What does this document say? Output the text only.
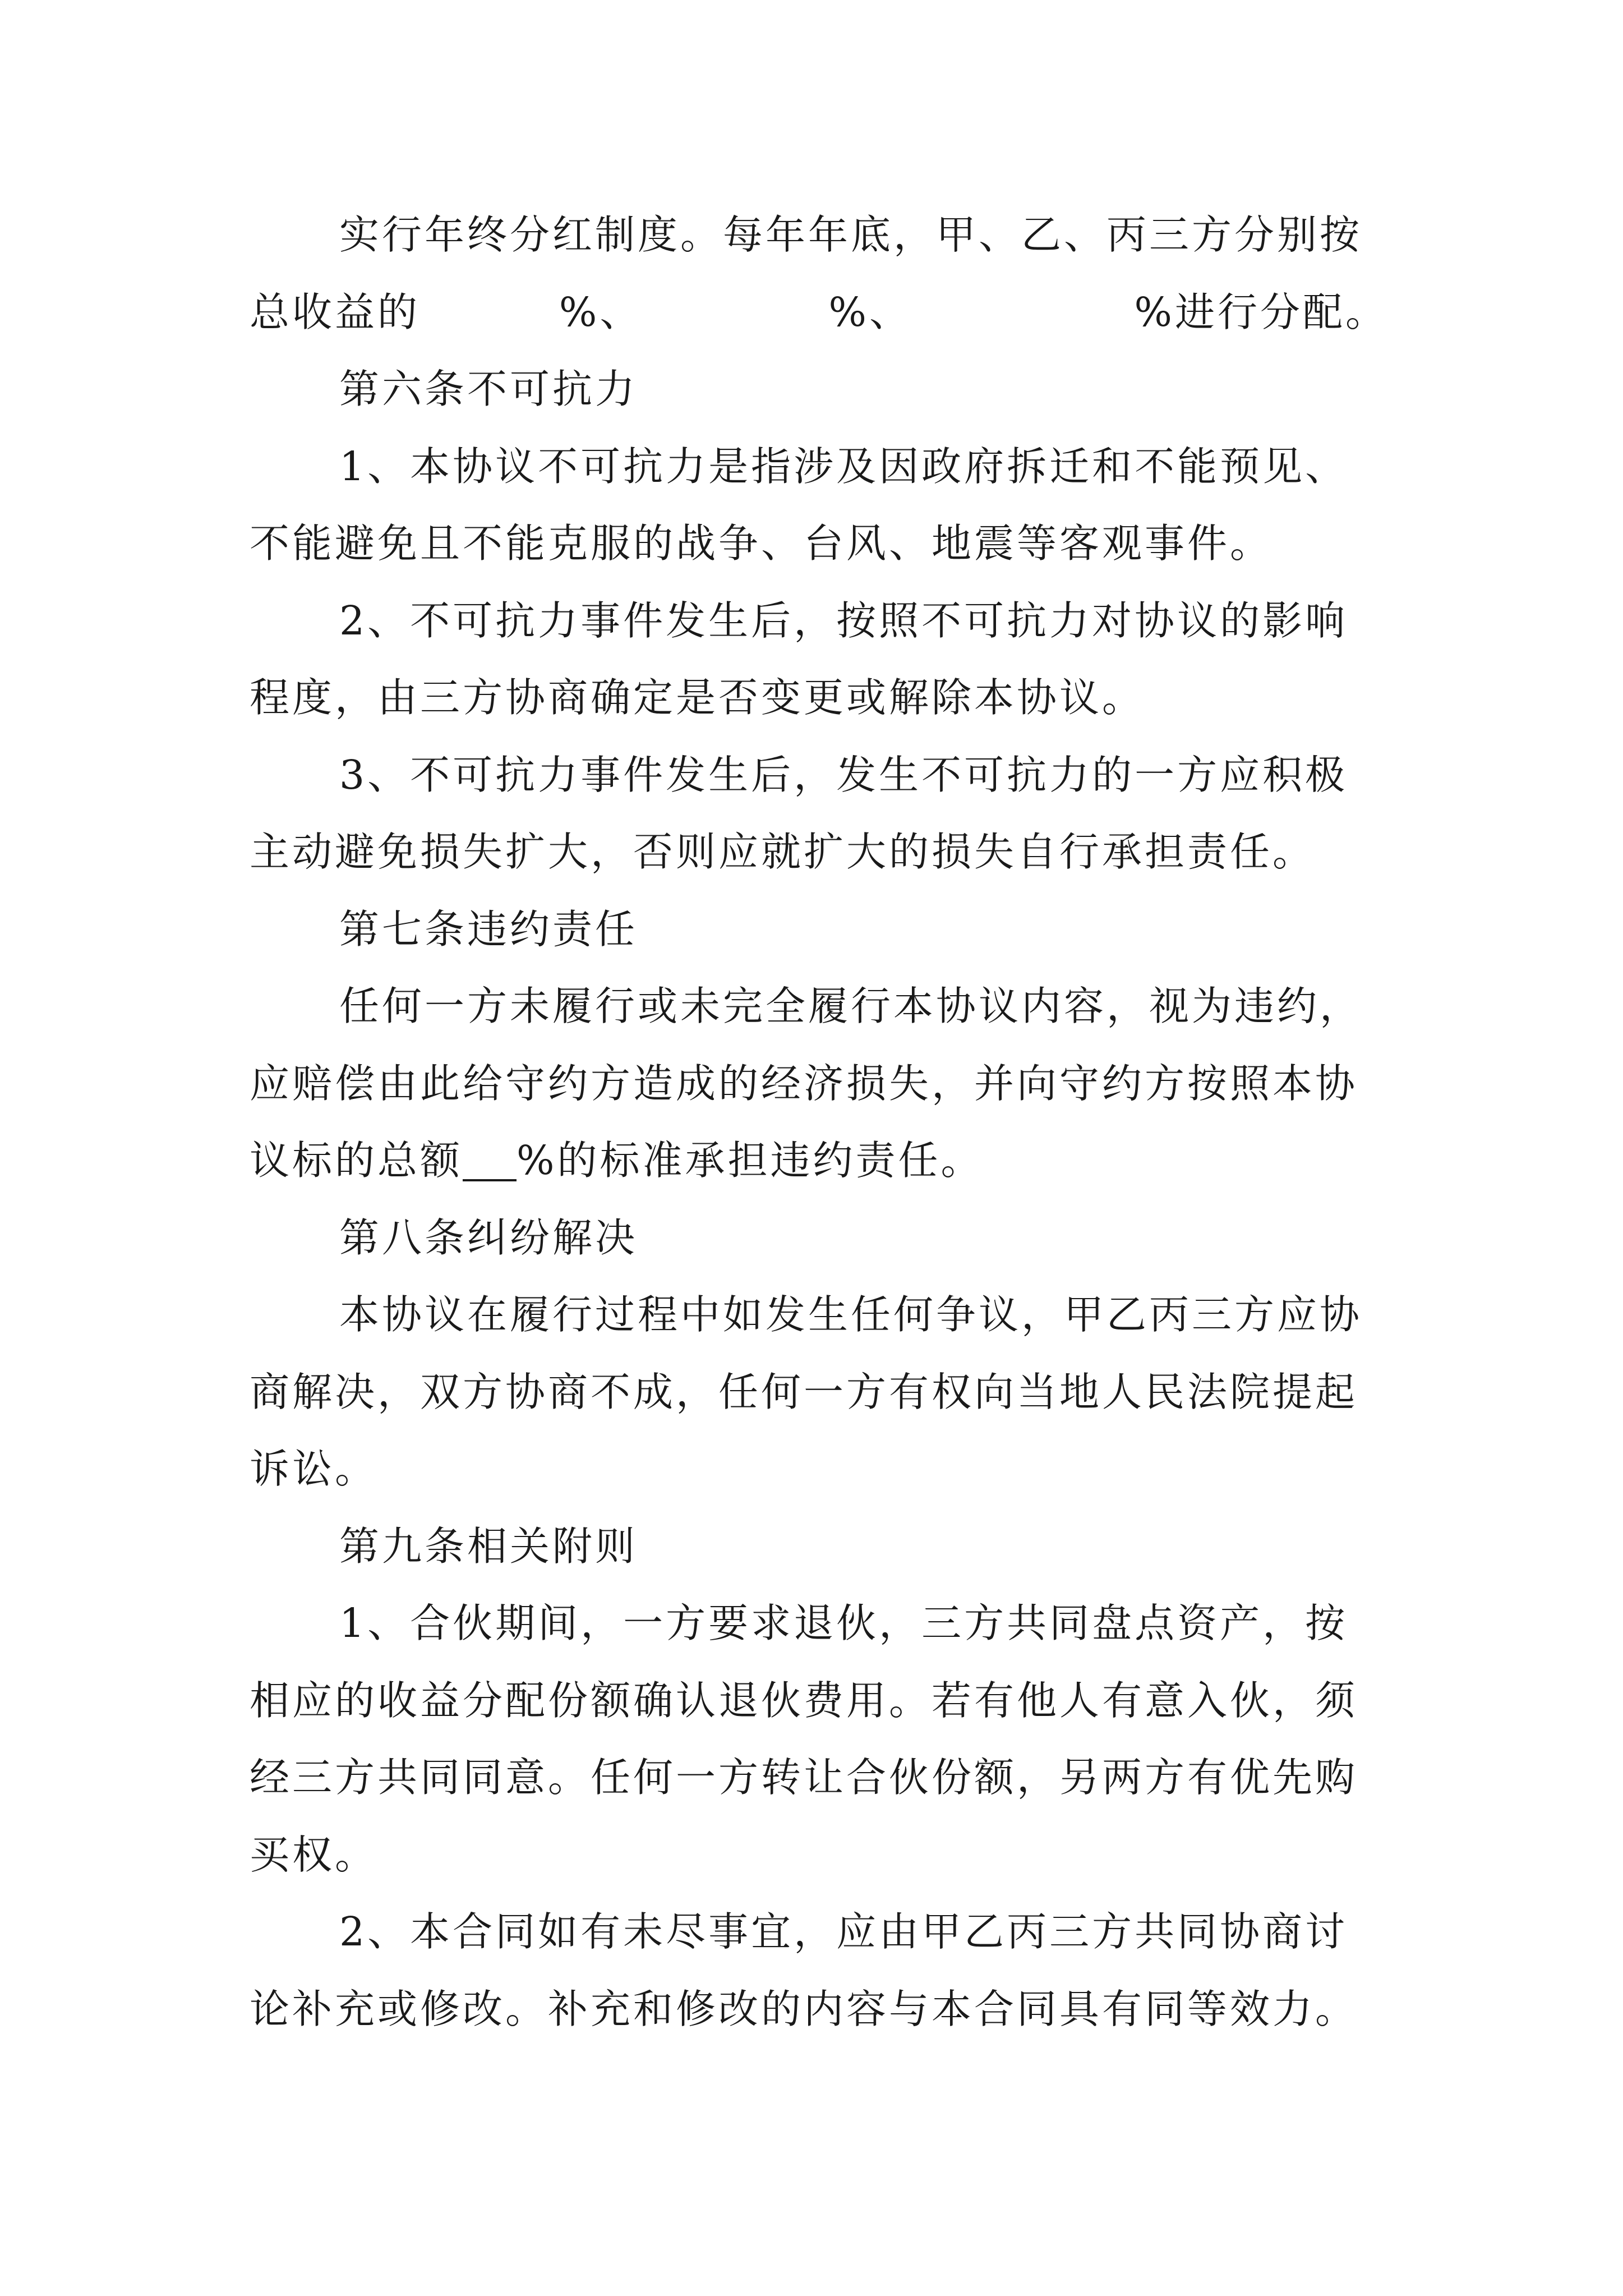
实行年终分红制度。每年年底，甲、乙、丙三方分别按
总收益的	%、	%、	%进行分配。
第六条不可抗力
1、本协议不可抗力是指涉及因政府拆迁和不能预见、
不能避免且不能克服的战争、台风、地震等客观事件。
2、不可抗力事件发生后，按照不可抗力对协议的影响
程度，由三方协商确定是否变更或解除本协议。
3、不可抗力事件发生后，发生不可抗力的一方应积极
主动避免损失扩大，否则应就扩大的损失自行承担责任。
第七条违约责任
任何一方未履行或未完全履行本协议内容，视为违约，
应赔偿由此给守约方造成的经济损失，并向守约方按照本协
议标的总额 %的标准承担违约责任。
第八条纠纷解决
本协议在履行过程中如发生任何争议，甲乙丙三方应协
商解决，双方协商不成，任何一方有权向当地人民法院提起
诉讼。
第九条相关附则
1、合伙期间，一方要求退伙，三方共同盘点资产，按
相应的收益分配份额确认退伙费用。若有他人有意入伙，须
经三方共同同意。任何一方转让合伙份额，另两方有优先购
买权。
2、本合同如有未尽事宜，应由甲乙丙三方共同协商讨
论补充或修改。补充和修改的内容与本合同具有同等效力。
